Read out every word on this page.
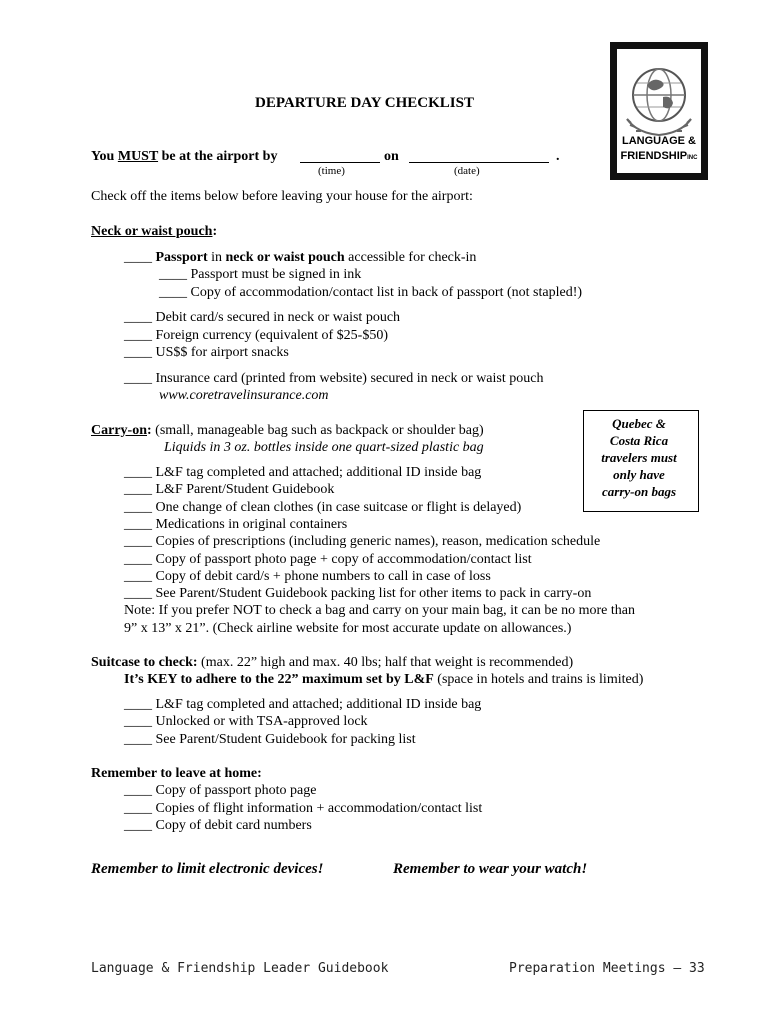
LANGUAGE &
FRIENDSHIPINC
DEPARTURE DAY CHECKLIST
You MUST be at the airport by	on	.
(time)	(date)
Check off the items below before leaving your house for the airport:
Neck or waist pouch:
____ Passport in neck or waist pouch accessible for check-in
____ Passport must be signed in ink
____ Copy of accommodation/contact list in back of passport (not stapled!)
____ Debit card/s secured in neck or waist pouch
____ Foreign currency (equivalent of $25-$50)
____ US$$ for airport snacks
____ Insurance card (printed from website) secured in neck or waist pouch
www.coretravelinsurance.com
Carry-on: (small, manageable bag such as backpack or shoulder bag)
Liquids in 3 oz. bottles inside one quart-sized plastic bag
____ L&F tag completed and attached; additional ID inside bag
____ L&F Parent/Student Guidebook
____ One change of clean clothes (in case suitcase or flight is delayed)
____ Medications in original containers
____ Copies of prescriptions (including generic names), reason, medication schedule
____ Copy of passport photo page + copy of accommodation/contact list
____ Copy of debit card/s + phone numbers to call in case of loss
____ See Parent/Student Guidebook packing list for other items to pack in carry-on
Note: If you prefer NOT to check a bag and carry on your main bag, it can be no more than
9” x 13” x 21”. (Check airline website for most accurate update on allowances.)
Quebec &
Costa Rica
travelers must
only have
carry-on bags
Suitcase to check: (max. 22” high and max. 40 lbs; half that weight is recommended)
It’s KEY to adhere to the 22” maximum set by L&F (space in hotels and trains is limited)
____ L&F tag completed and attached; additional ID inside bag
____ Unlocked or with TSA-approved lock
____ See Parent/Student Guidebook for packing list
Remember to leave at home:
____ Copy of passport photo page
____ Copies of flight information + accommodation/contact list
____ Copy of debit card numbers
Remember to limit electronic devices!	Remember to wear your watch!
Language & Friendship Leader Guidebook	Preparation Meetings – 33
